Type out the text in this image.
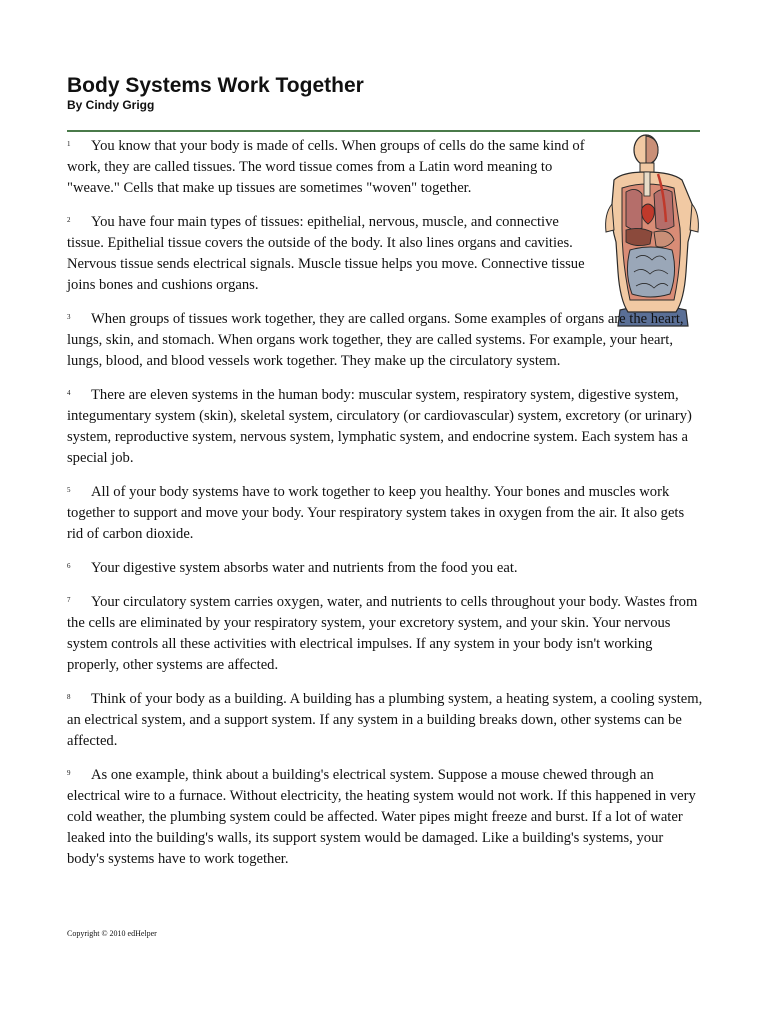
Body Systems Work Together
By Cindy Grigg

1 You know that your body is made of cells. When groups of cells do the same kind of work, they are called tissues. The word tissue comes from a Latin word meaning to "weave." Cells that make up tissues are sometimes "woven" together.

2 You have four main types of tissues: epithelial, nervous, muscle, and connective tissue. Epithelial tissue covers the outside of the body. It also lines organs and cavities. Nervous tissue sends electrical signals. Muscle tissue helps you move. Connective tissue joins bones and cushions organs.

3 When groups of tissues work together, they are called organs. Some examples of organs are the heart, lungs, skin, and stomach. When organs work together, they are called systems. For example, your heart, lungs, blood, and blood vessels work together. They make up the circulatory system.

4 There are eleven systems in the human body: muscular system, respiratory system, digestive system, integumentary system (skin), skeletal system, circulatory (or cardiovascular) system, excretory (or urinary) system, reproductive system, nervous system, lymphatic system, and endocrine system. Each system has a special job.

5 All of your body systems have to work together to keep you healthy. Your bones and muscles work together to support and move your body. Your respiratory system takes in oxygen from the air. It also gets rid of carbon dioxide.

6 Your digestive system absorbs water and nutrients from the food you eat.

7 Your circulatory system carries oxygen, water, and nutrients to cells throughout your body. Wastes from the cells are eliminated by your respiratory system, your excretory system, and your skin. Your nervous system controls all these activities with electrical impulses. If any system in your body isn't working properly, other systems are affected.

8 Think of your body as a building. A building has a plumbing system, a heating system, a cooling system, an electrical system, and a support system. If any system in a building breaks down, other systems can be affected.

9 As one example, think about a building's electrical system. Suppose a mouse chewed through an electrical wire to a furnace. Without electricity, the heating system would not work. If this happened in very cold weather, the plumbing system could be affected. Water pipes might freeze and burst. If a lot of water leaked into the building's walls, its support system would be damaged. Like a building's systems, your body's systems have to work together.

Copyright © 2010 edHelper
